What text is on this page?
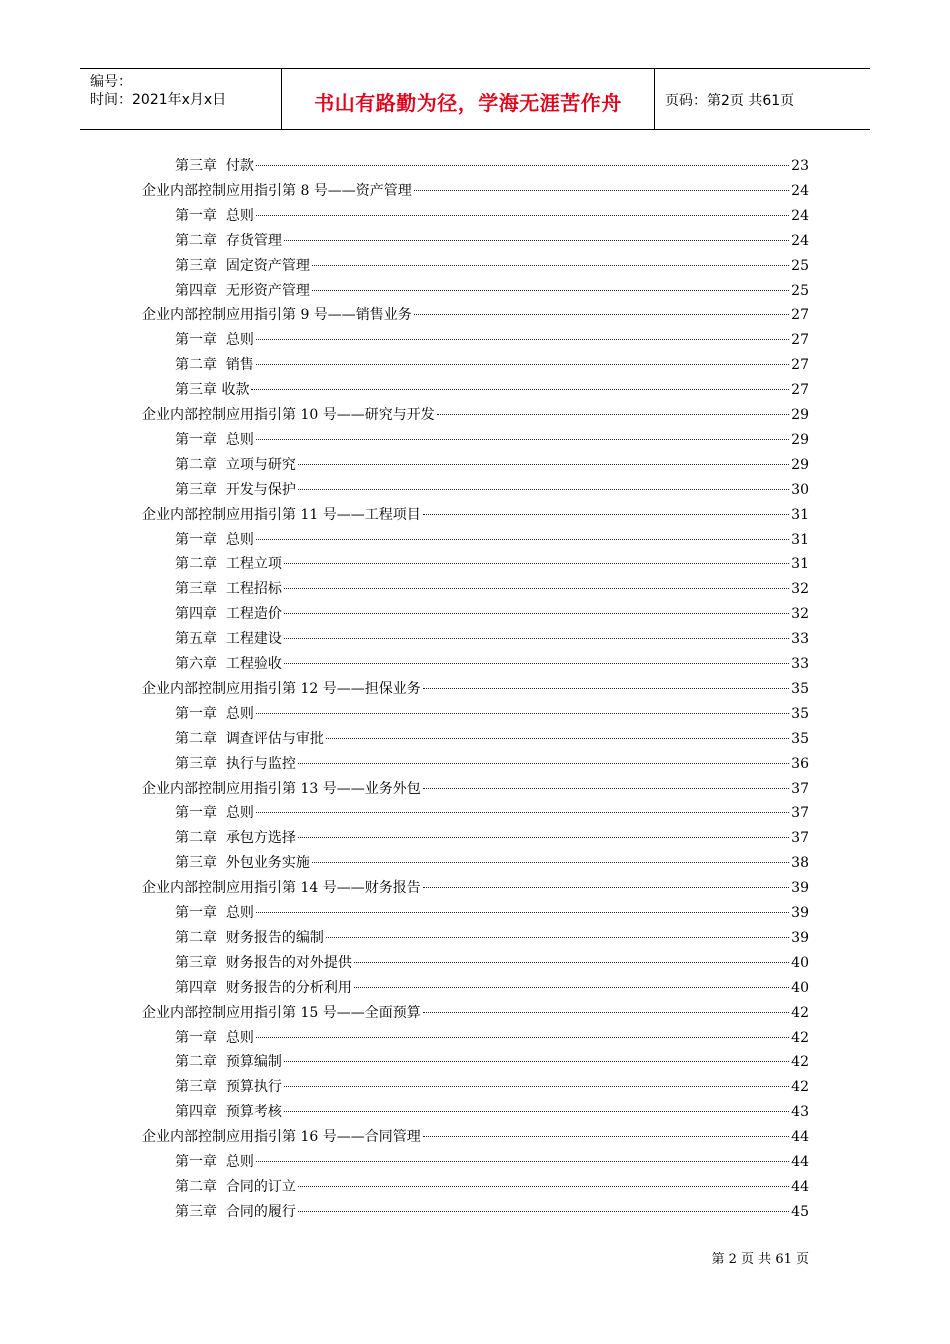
编号：
时间：2021年x月x日	书山有路勤为径，学海无涯苦作舟	页码：第2页 共61页
第三章  付款	23
企业内部控制应用指引第 8 号——资产管理	24
第一章  总则	24
第二章  存货管理	24
第三章  固定资产管理	25
第四章  无形资产管理	25
企业内部控制应用指引第 9 号——销售业务	27
第一章  总则	27
第二章  销售	27
第三章 收款	27
企业内部控制应用指引第 10 号——研究与开发	29
第一章  总则	29
第二章  立项与研究	29
第三章  开发与保护	30
企业内部控制应用指引第 11 号——工程项目	31
第一章  总则	31
第二章  工程立项	31
第三章  工程招标	32
第四章  工程造价	32
第五章  工程建设	33
第六章  工程验收	33
企业内部控制应用指引第 12 号——担保业务	35
第一章  总则	35
第二章  调查评估与审批	35
第三章  执行与监控	36
企业内部控制应用指引第 13 号——业务外包	37
第一章  总则	37
第二章  承包方选择	37
第三章  外包业务实施	38
企业内部控制应用指引第 14 号——财务报告	39
第一章  总则	39
第二章  财务报告的编制	39
第三章  财务报告的对外提供	40
第四章  财务报告的分析利用	40
企业内部控制应用指引第 15 号——全面预算	42
第一章  总则	42
第二章  预算编制	42
第三章  预算执行	42
第四章  预算考核	43
企业内部控制应用指引第 16 号——合同管理	44
第一章  总则	44
第二章  合同的订立	44
第三章  合同的履行	45
第 2 页 共 61 页
